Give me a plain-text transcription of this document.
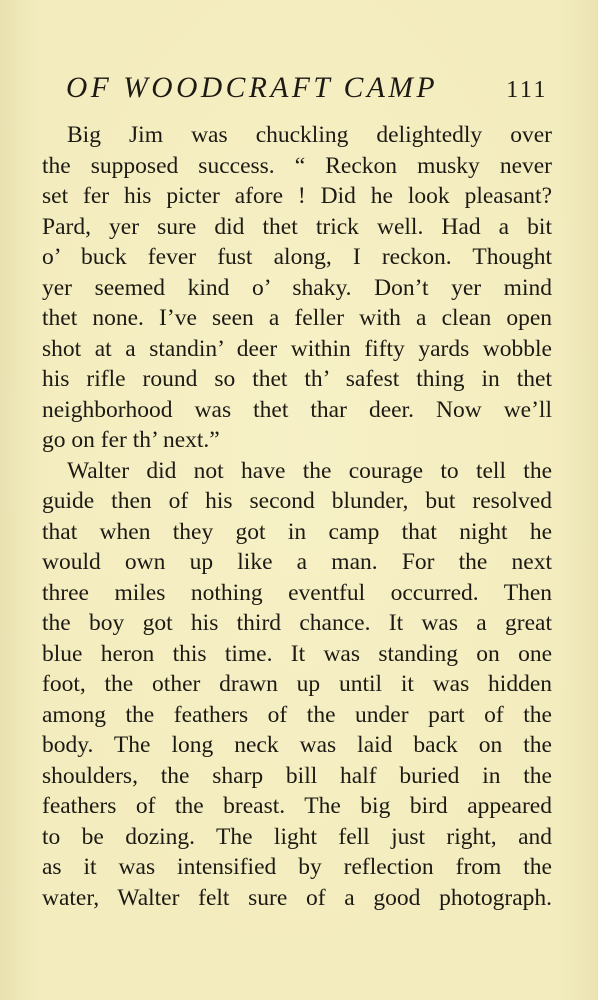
OF WOODCRAFT CAMP	111
Big Jim was chuckling delightedly over
the supposed success. “ Reckon musky never
set fer his picter afore ! Did he look pleasant?
Pard, yer sure did thet trick well. Had a bit
o’ buck fever fust along, I reckon. Thought
yer seemed kind o’ shaky. Don’t yer mind
thet none. I’ve seen a feller with a clean open
shot at a standin’ deer within fifty yards wobble
his rifle round so thet th’ safest thing in thet
neighborhood was thet thar deer. Now we’ll
go on fer th’ next.”
Walter did not have the courage to tell the
guide then of his second blunder, but resolved
that when they got in camp that night he
would own up like a man. For the next
three miles nothing eventful occurred. Then
the boy got his third chance. It was a great
blue heron this time. It was standing on one
foot, the other drawn up until it was hidden
among the feathers of the under part of the
body. The long neck was laid back on the
shoulders, the sharp bill half buried in the
feathers of the breast. The big bird appeared
to be dozing. The light fell just right, and
as it was intensified by reflection from the
water, Walter felt sure of a good photograph.
